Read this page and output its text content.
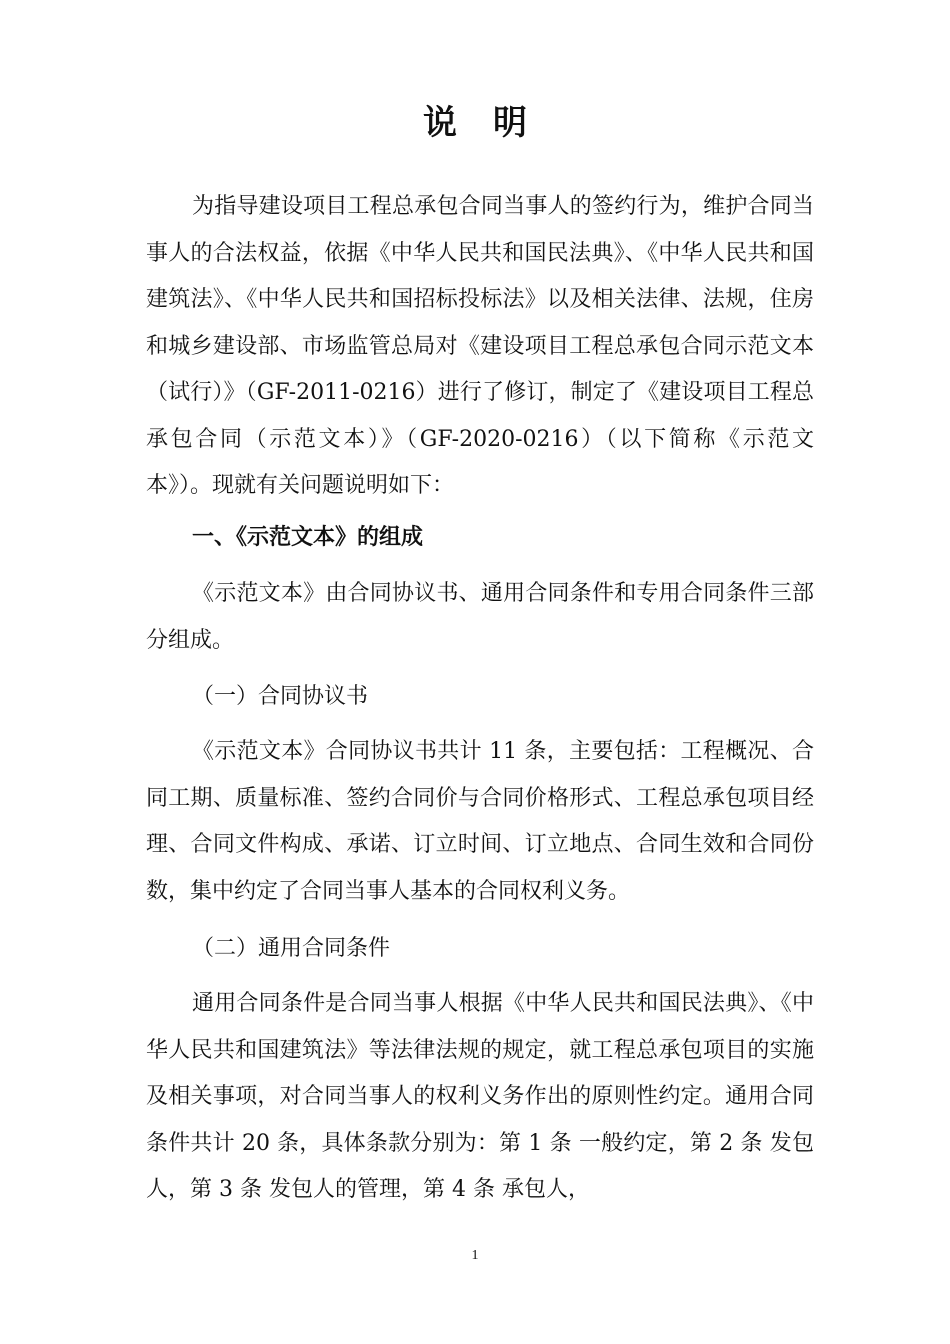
说明

为指导建设项目工程总承包合同当事人的签约行为，维护合同当事人的合法权益，依据《中华人民共和国民法典》、《中华人民共和国建筑法》、《中华人民共和国招标投标法》以及相关法律、法规，住房和城乡建设部、市场监管总局对《建设项目工程总承包合同示范文本（试行）》（GF-2011-0216）进行了修订，制定了《建设项目工程总承包合同（示范文本）》（GF-2020-0216）（以下简称《示范文本》）。现就有关问题说明如下：

一、《示范文本》的组成

《示范文本》由合同协议书、通用合同条件和专用合同条件三部分组成。

（一）合同协议书

《示范文本》合同协议书共计 11 条，主要包括：工程概况、合同工期、质量标准、签约合同价与合同价格形式、工程总承包项目经理、合同文件构成、承诺、订立时间、订立地点、合同生效和合同份数，集中约定了合同当事人基本的合同权利义务。

（二）通用合同条件

通用合同条件是合同当事人根据《中华人民共和国民法典》、《中华人民共和国建筑法》等法律法规的规定，就工程总承包项目的实施及相关事项，对合同当事人的权利义务作出的原则性约定。通用合同条件共计 20 条，具体条款分别为：第 1 条 一般约定，第 2 条 发包人，第 3 条 发包人的管理，第 4 条 承包人，

1
